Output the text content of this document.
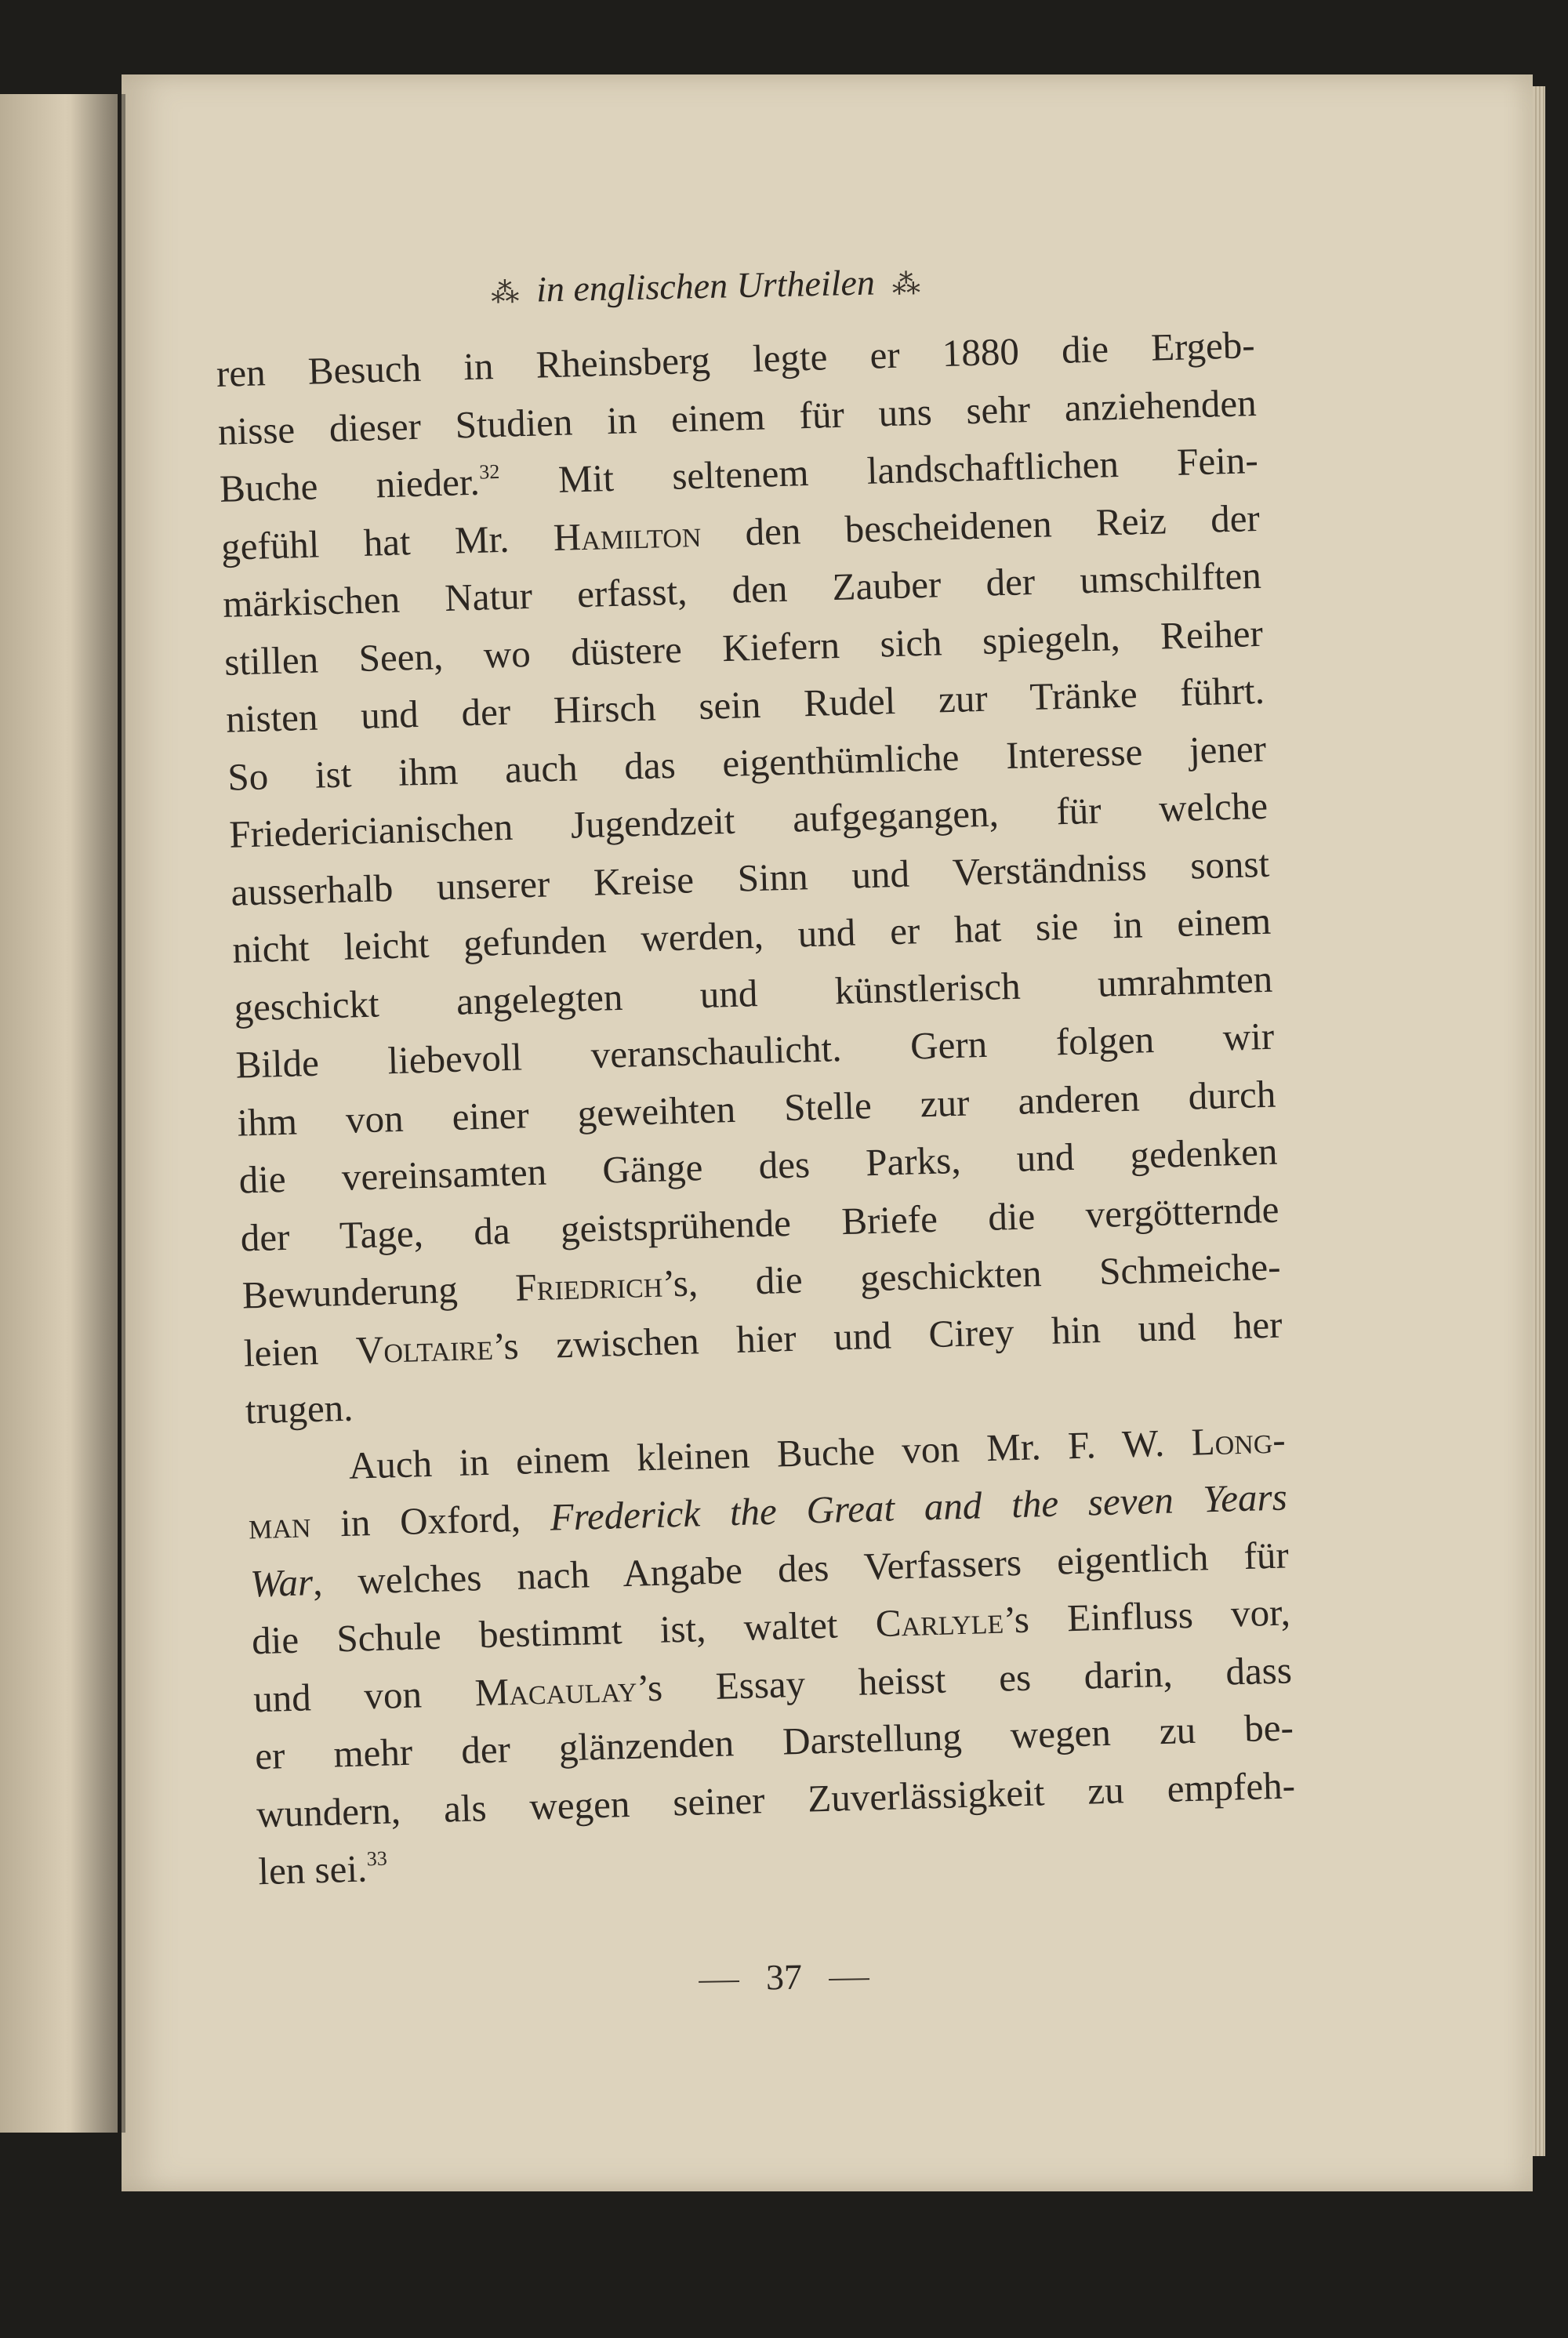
⁂ in englischen Urtheilen ⁂
ren Besuch in Rheinsberg legte er 1880 die Ergeb-
nisse dieser Studien in einem für uns sehr anziehenden
Buche nieder.$^{32}$ Mit seltenem landschaftlichen Fein-
gefühl hat Mr. Hamilton den bescheidenen Reiz der
märkischen Natur erfasst, den Zauber der umschilften
stillen Seen, wo düstere Kiefern sich spiegeln, Reiher
nisten und der Hirsch sein Rudel zur Tränke führt.
So ist ihm auch das eigenthümliche Interesse jener
Friedericianischen Jugendzeit aufgegangen, für welche
ausserhalb unserer Kreise Sinn und Verständniss sonst
nicht leicht gefunden werden, und er hat sie in einem
geschickt angelegten und künstlerisch umrahmten
Bilde liebevoll veranschaulicht. Gern folgen wir
ihm von einer geweihten Stelle zur anderen durch
die vereinsamten Gänge des Parks, und gedenken
der Tage, da geistsprühende Briefe die vergötternde
Bewunderung Friedrich’s, die geschickten Schmeiche-
leien Voltaire’s zwischen hier und Cirey hin und her
trugen.
Auch in einem kleinen Buche von Mr. F. W. Long-
man in Oxford, Frederick the Great and the seven Years
War, welches nach Angabe des Verfassers eigentlich für
die Schule bestimmt ist, waltet Carlyle’s Einfluss vor,
und von Macaulay’s Essay heisst es darin, dass
er mehr der glänzenden Darstellung wegen zu be-
wundern, als wegen seiner Zuverlässigkeit zu empfeh-
len sei.$^{33}$
37
